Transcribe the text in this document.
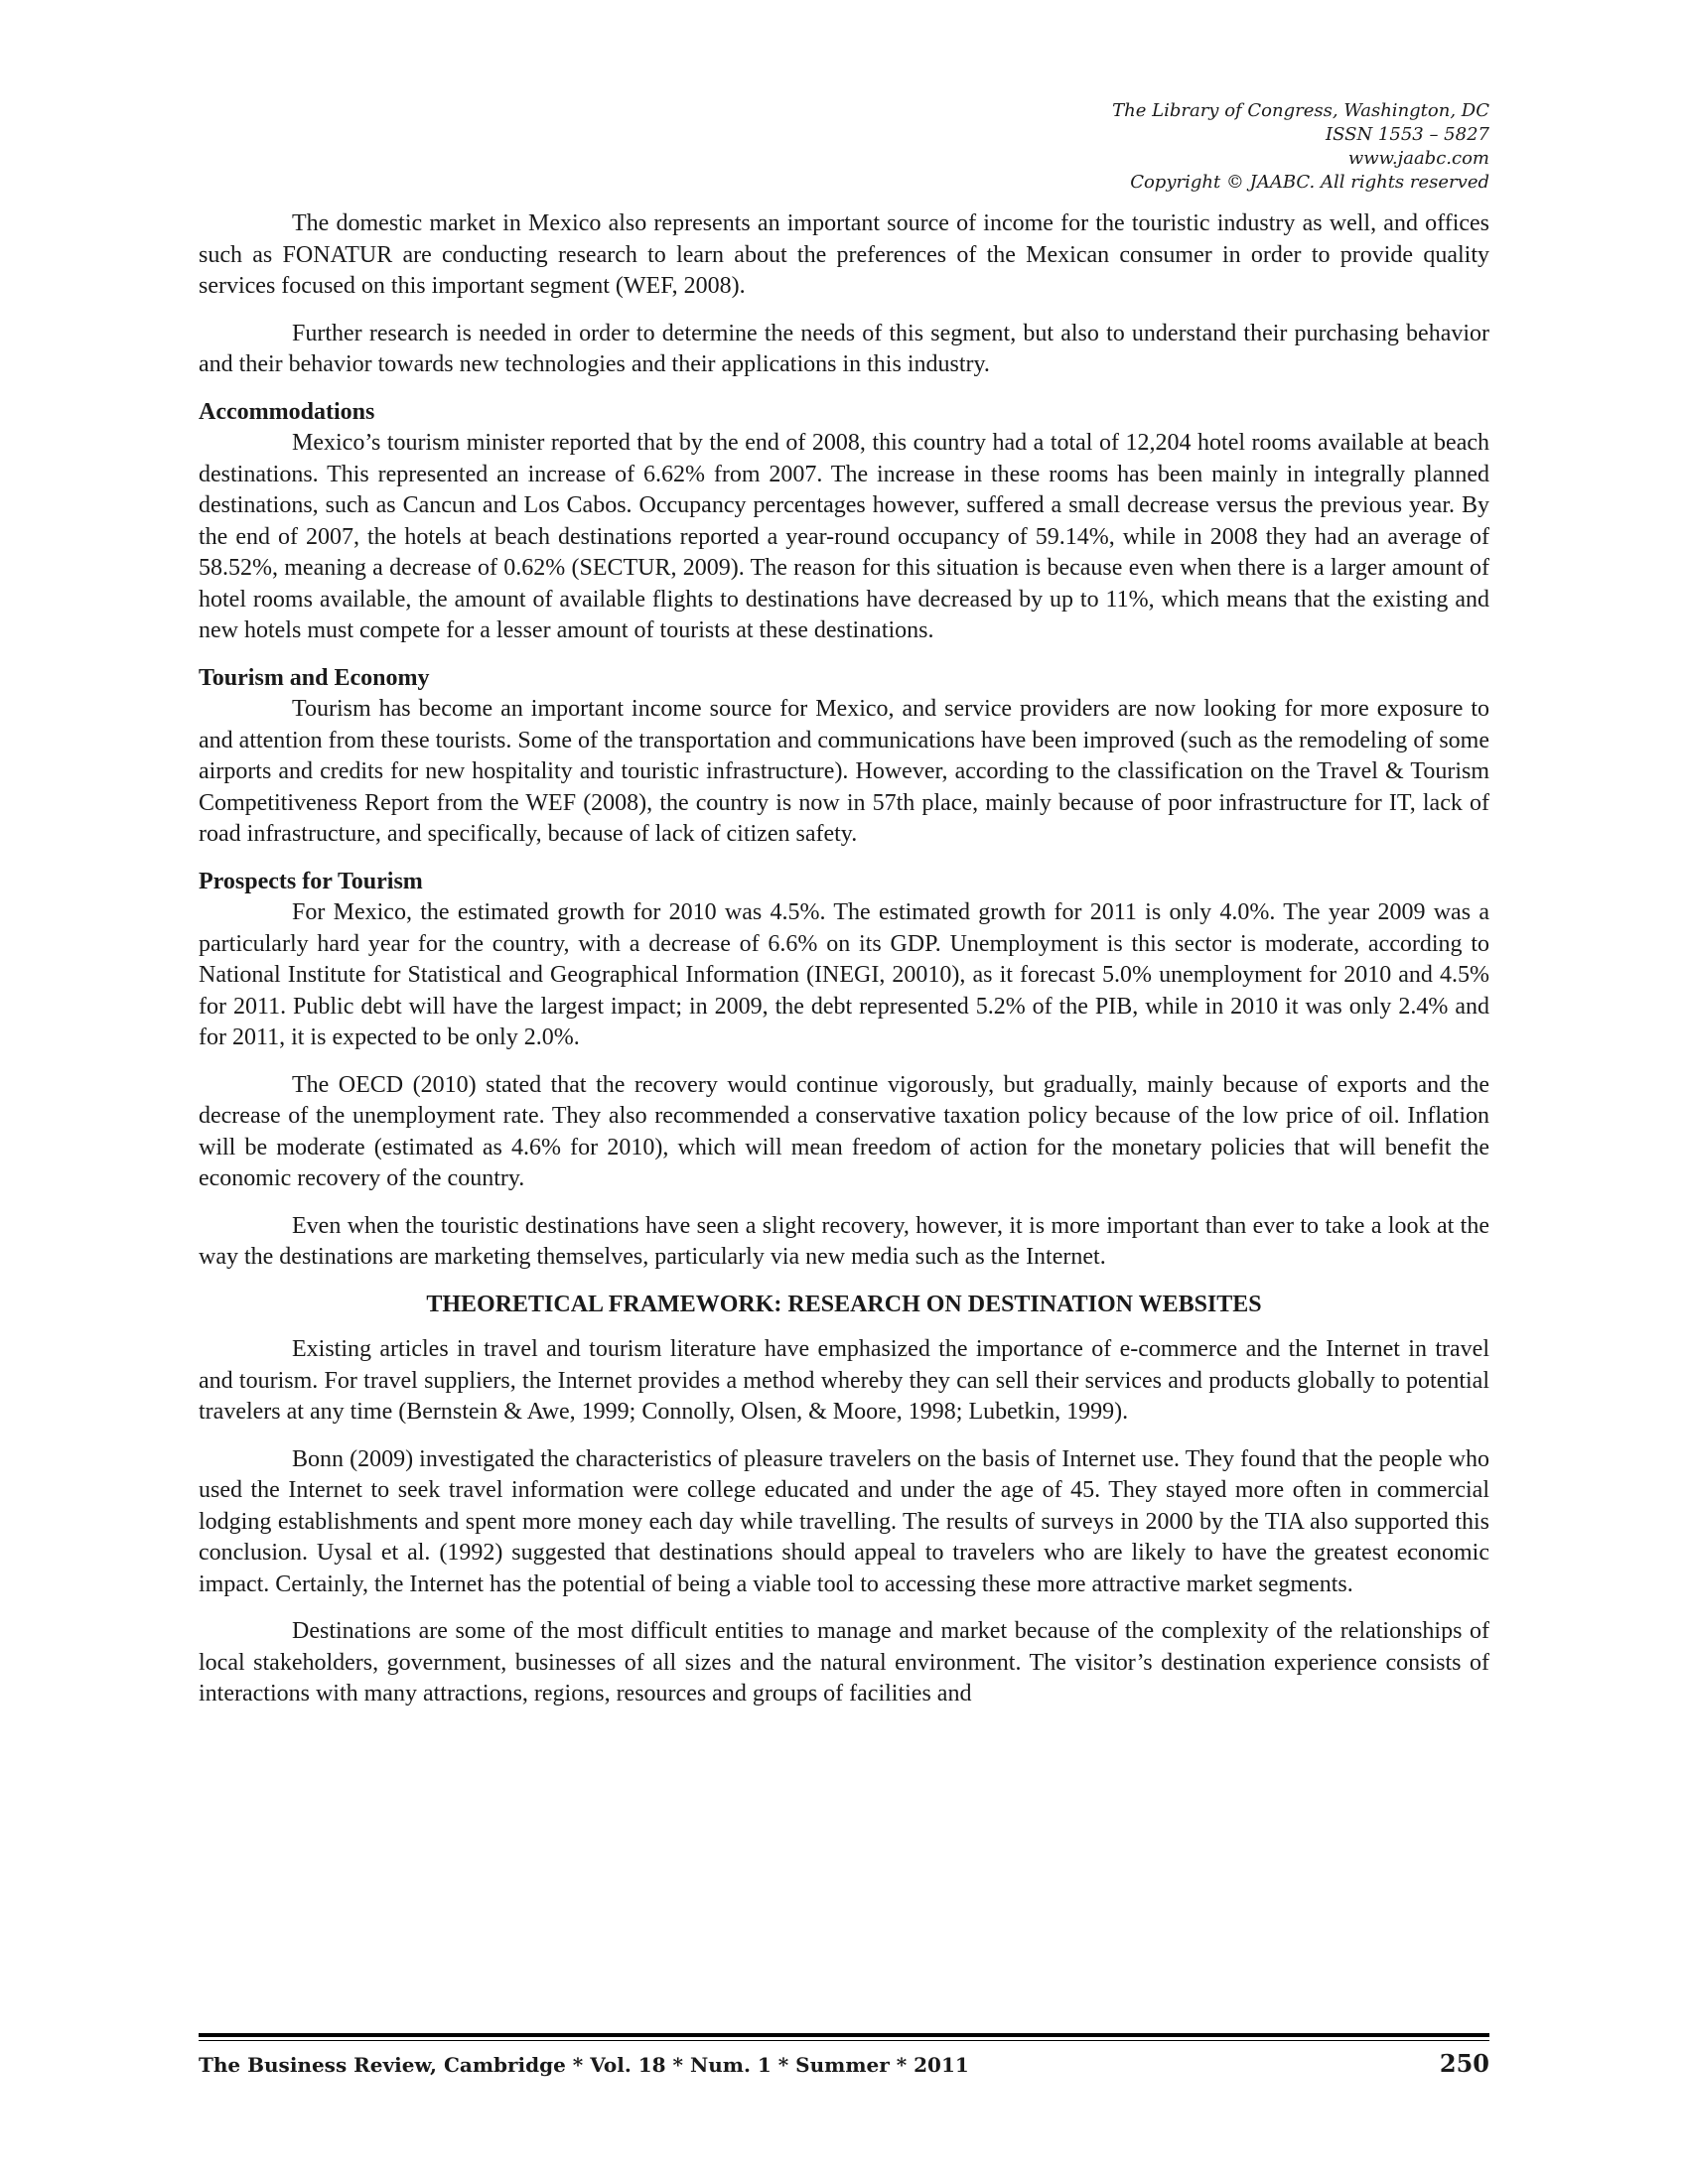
The Library of Congress, Washington, DC
ISSN 1553 – 5827
www.jaabc.com
Copyright © JAABC. All rights reserved

The domestic market in Mexico also represents an important source of income for the touristic industry as well, and offices such as FONATUR are conducting research to learn about the preferences of the Mexican consumer in order to provide quality services focused on this important segment (WEF, 2008).

Further research is needed in order to determine the needs of this segment, but also to understand their purchasing behavior and their behavior towards new technologies and their applications in this industry.

Accommodations

Mexico’s tourism minister reported that by the end of 2008, this country had a total of 12,204 hotel rooms available at beach destinations. This represented an increase of 6.62% from 2007. The increase in these rooms has been mainly in integrally planned destinations, such as Cancun and Los Cabos. Occupancy percentages however, suffered a small decrease versus the previous year. By the end of 2007, the hotels at beach destinations reported a year-round occupancy of 59.14%, while in 2008 they had an average of 58.52%, meaning a decrease of 0.62% (SECTUR, 2009). The reason for this situation is because even when there is a larger amount of hotel rooms available, the amount of available flights to destinations have decreased by up to 11%, which means that the existing and new hotels must compete for a lesser amount of tourists at these destinations.

Tourism and Economy

Tourism has become an important income source for Mexico, and service providers are now looking for more exposure to and attention from these tourists. Some of the transportation and communications have been improved (such as the remodeling of some airports and credits for new hospitality and touristic infrastructure). However, according to the classification on the Travel & Tourism Competitiveness Report from the WEF (2008), the country is now in 57th place, mainly because of poor infrastructure for IT, lack of road infrastructure, and specifically, because of lack of citizen safety.

Prospects for Tourism

For Mexico, the estimated growth for 2010 was 4.5%. The estimated growth for 2011 is only 4.0%. The year 2009 was a particularly hard year for the country, with a decrease of 6.6% on its GDP. Unemployment is this sector is moderate, according to National Institute for Statistical and Geographical Information (INEGI, 20010), as it forecast 5.0% unemployment for 2010 and 4.5% for 2011. Public debt will have the largest impact; in 2009, the debt represented 5.2% of the PIB, while in 2010 it was only 2.4% and for 2011, it is expected to be only 2.0%.

The OECD (2010) stated that the recovery would continue vigorously, but gradually, mainly because of exports and the decrease of the unemployment rate. They also recommended a conservative taxation policy because of the low price of oil. Inflation will be moderate (estimated as 4.6% for 2010), which will mean freedom of action for the monetary policies that will benefit the economic recovery of the country.

Even when the touristic destinations have seen a slight recovery, however, it is more important than ever to take a look at the way the destinations are marketing themselves, particularly via new media such as the Internet.

THEORETICAL FRAMEWORK: RESEARCH ON DESTINATION WEBSITES

Existing articles in travel and tourism literature have emphasized the importance of e-commerce and the Internet in travel and tourism. For travel suppliers, the Internet provides a method whereby they can sell their services and products globally to potential travelers at any time (Bernstein & Awe, 1999; Connolly, Olsen, & Moore, 1998; Lubetkin, 1999).

Bonn (2009) investigated the characteristics of pleasure travelers on the basis of Internet use. They found that the people who used the Internet to seek travel information were college educated and under the age of 45. They stayed more often in commercial lodging establishments and spent more money each day while travelling. The results of surveys in 2000 by the TIA also supported this conclusion. Uysal et al. (1992) suggested that destinations should appeal to travelers who are likely to have the greatest economic impact. Certainly, the Internet has the potential of being a viable tool to accessing these more attractive market segments.

Destinations are some of the most difficult entities to manage and market because of the complexity of the relationships of local stakeholders, government, businesses of all sizes and the natural environment. The visitor’s destination experience consists of interactions with many attractions, regions, resources and groups of facilities and

The Business Review, Cambridge * Vol. 18 * Num. 1 * Summer * 2011	250
